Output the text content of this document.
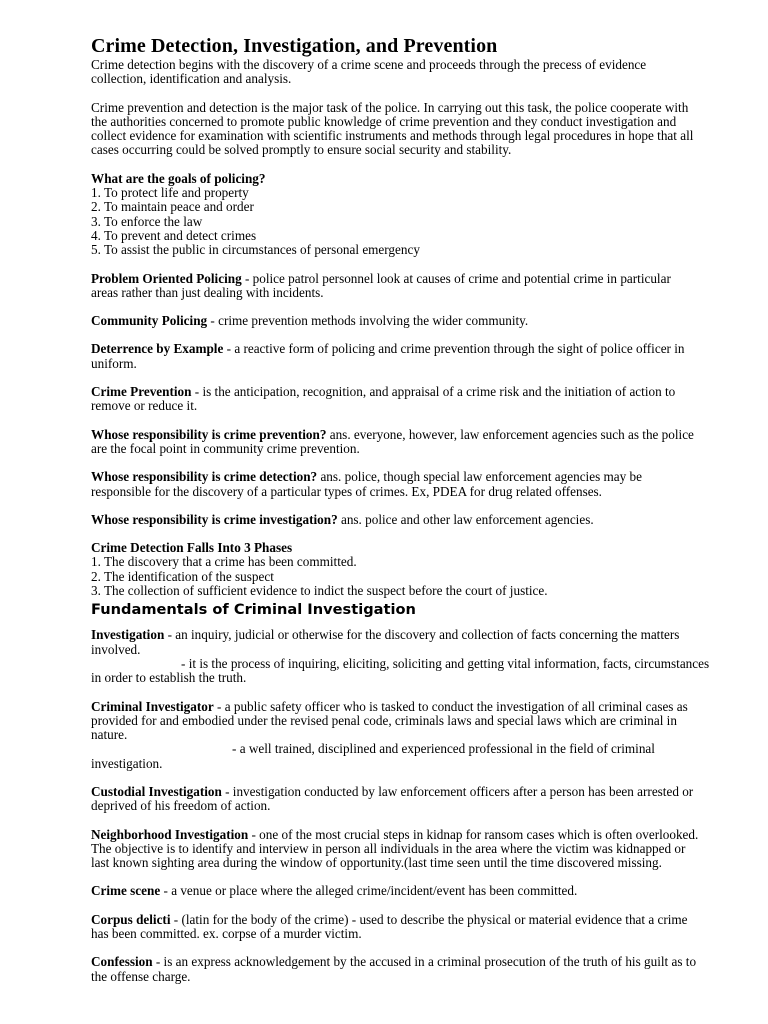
Crime Detection, Investigation, and Prevention

Crime detection begins with the discovery of a crime scene and proceeds through the precess of evidence
collection, identification and analysis.

Crime prevention and detection is the major task of the police. In carrying out this task, the police cooperate with
the authorities concerned to promote public knowledge of crime prevention and they conduct investigation and
collect evidence for examination with scientific instruments and methods through legal procedures in hope that all
cases occurring could be solved promptly to ensure social security and stability.

What are the goals of policing?
1. To protect life and property
2. To maintain peace and order
3. To enforce the law
4. To prevent and detect crimes
5. To assist the public in circumstances of personal emergency

Problem Oriented Policing - police patrol personnel look at causes of crime and potential crime in particular
areas rather than just dealing with incidents.

Community Policing - crime prevention methods involving the wider community.

Deterrence by Example - a reactive form of policing and crime prevention through the sight of police officer in
uniform.

Crime Prevention - is the anticipation, recognition, and appraisal of a crime risk and the initiation of action to
remove or reduce it.

Whose responsibility is crime prevention? ans. everyone, however, law enforcement agencies such as the police
are the focal point in community crime prevention.

Whose responsibility is crime detection? ans. police, though special law enforcement agencies may be
responsible for the discovery of a particular types of crimes. Ex, PDEA for drug related offenses.

Whose responsibility is crime investigation? ans. police and other law enforcement agencies.

Crime Detection Falls Into 3 Phases
1. The discovery that a crime has been committed.
2. The identification of the suspect
3. The collection of sufficient evidence to indict the suspect before the court of justice.
Fundamentals of Criminal Investigation

Investigation - an inquiry, judicial or otherwise for the discovery and collection of facts concerning the matters
involved.
- it is the process of inquiring, eliciting, soliciting and getting vital information, facts, circumstances
in order to establish the truth.

Criminal Investigator - a public safety officer who is tasked to conduct the investigation of all criminal cases as
provided for and embodied under the revised penal code, criminals laws and special laws which are criminal in
nature.
- a well trained, disciplined and experienced professional in the field of criminal
investigation.

Custodial Investigation - investigation conducted by law enforcement officers after a person has been arrested or
deprived of his freedom of action.

Neighborhood Investigation - one of the most crucial steps in kidnap for ransom cases which is often overlooked.
The objective is to identify and interview in person all individuals in the area where the victim was kidnapped or
last known sighting area during the window of opportunity.(last time seen until the time discovered missing.

Crime scene - a venue or place where the alleged crime/incident/event has been committed.

Corpus delicti - (latin for the body of the crime) - used to describe the physical or material evidence that a crime
has been committed. ex. corpse of a murder victim.

Confession - is an express acknowledgement by the accused in a criminal prosecution of the truth of his guilt as to
the offense charge.
